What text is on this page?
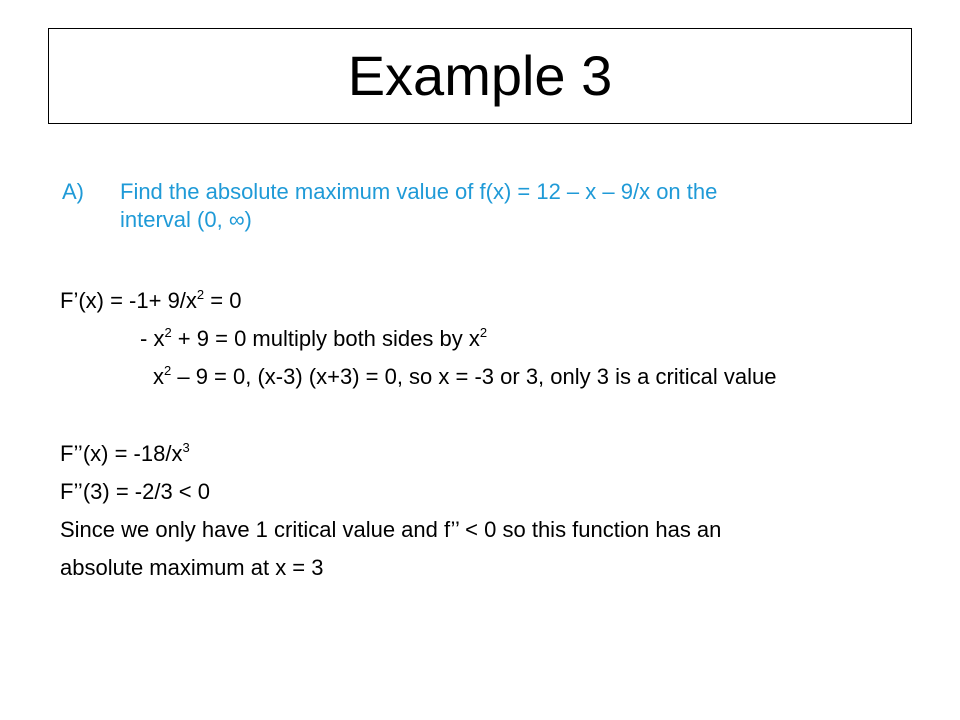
Example 3
A) Find the absolute maximum value of f(x) = 12 – x – 9/x on the
interval (0, ∞)
F’(x) = $-1+ 9/x^2 = 0$
- $x^2 + 9 = 0$ multiply both sides by $x^2$
$x^2 - 9 = 0$, (x-3) (x+3) = 0, so x = -3 or 3, only 3 is a critical value
F’’(x) = $-18/x^3$
F’’(3) = -2/3 < 0
Since we only have 1 critical value and f’’ < 0 so this function has an
absolute maximum at x = 3
